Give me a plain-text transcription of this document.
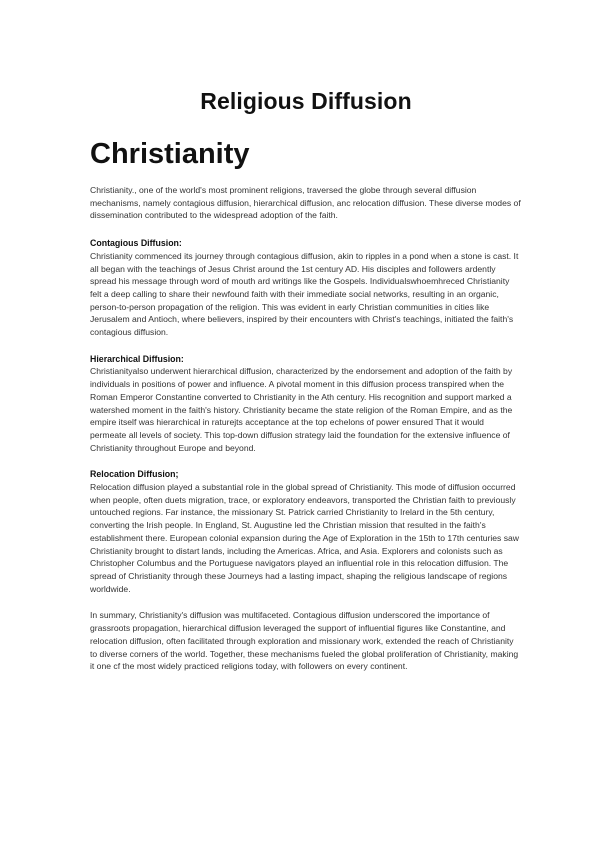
Religious Diffusion
Christianity

Christianity., one of the world's most prominent religions, traversed the globe through several diffusion mechanisms, namely contagious diffusion, hierarchical diffusion, anc relocation diffusion. These diverse modes of dissemination contributed to the widespread adoption of the faith.

Contagious Diffusion:

Christianity commenced its journey through contagious diffusion, akin to ripples in a pond when a stone is cast. It all began with the teachings of Jesus Christ around the 1st century AD. His disciples and followers ardently spread his message through word of mouth ard writings like the Gospels. Individualswhoemhreced Christianity felt a deep calling to share their newfound faith with their immediate social networks, resulting in an organic, person-to-person propagation of the religion. This was evident in early Christian communities in cities like Jerusalem and Antioch, where believers, inspired by their encounters with Christ's teachings, initiated the faith's contagious diffusion.

Hierarchical Diffusion:

Christianityalso underwent hierarchical diffusion, characterized by the endorsement and adoption of the faith by individuals in positions of power and influence. A pivotal moment in this diffusion process transpired when the Roman Emperor Constantine converted to Christianity in the Ath century. His recognition and support marked a watershed moment in the faith's history. Christianity became the state religion of the Roman Empire, and as the empire itself was hierarchical in raturejts acceptance at the top echelons of power ensured That it would permeate all levels of society. This top-down diffusion strategy laid the foundation for the extensive influence of Christianity throughout Europe and beyond.

Relocation Diffusion;

Relocation diffusion played a substantial role in the global spread of Christianity. This mode of diffusion occurred when people, often duets migration, trace, or exploratory endeavors, transported the Christian faith to previously untouched regions. Far instance, the missionary St. Patrick carried Christianity to Irelard in the 5th century, converting the Irish people. In England, St. Augustine led the Christian mission that resulted in the faith's establishment there. European colonial expansion during the Age of Exploration in the 15th to 17th centuries saw Christianity brought to distart lands, including the Americas. Africa, and Asia. Explorers and colonists such as Christopher Columbus and the Portuguese navigators played an influential role in this relocation diffusion. The spread of Christianity through these Journeys had a lasting impact, shaping the religious landscape of regions worldwide.

In summary, Christianity's diffusion was multifaceted. Contagious diffusion underscored the importance of grassroots propagation, hierarchical diffusion leveraged the support of influential figures like Constantine, and relocation diffusion, often facilitated through exploration and missionary work, extended the reach of Christianity to diverse corners of the world. Together, these mechanisms fueled the global proliferation of Christianity, making it one cf the most widely practiced religions today, with followers on every continent.
